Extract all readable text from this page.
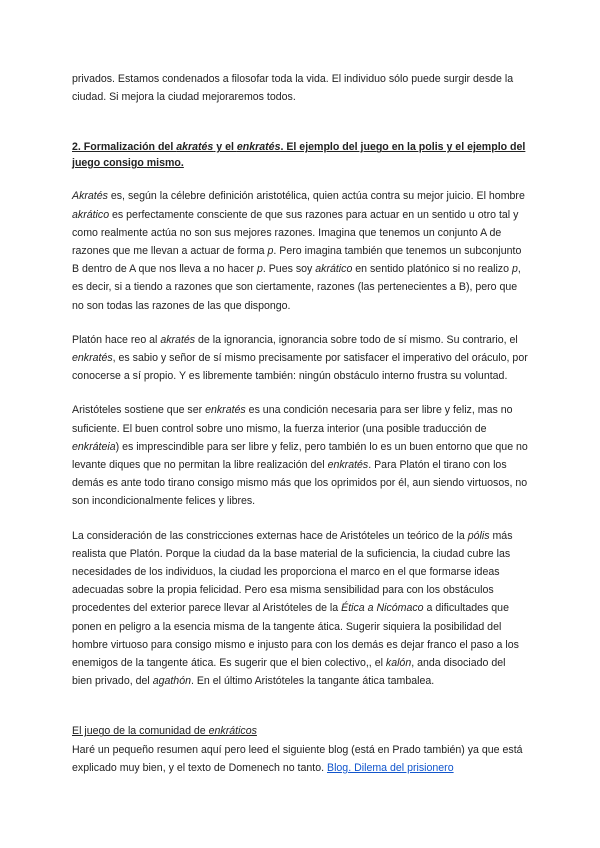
privados. Estamos condenados a filosofar toda la vida. El individuo sólo puede surgir desde la ciudad. Si mejora la ciudad mejoraremos todos.

2. Formalización del akratés y el enkratés. El ejemplo del juego en la polis y el ejemplo del juego consigo mismo.

Akratés es, según la célebre definición aristotélica, quien actúa contra su mejor juicio. El hombre akrático es perfectamente consciente de que sus razones para actuar en un sentido u otro tal y como realmente actúa no son sus mejores razones. Imagina que tenemos un conjunto A de razones que me llevan a actuar de forma p. Pero imagina también que tenemos un subconjunto B dentro de A que nos lleva a no hacer p. Pues soy akrático en sentido platónico si no realizo p, es decir, si a tiendo a razones que son ciertamente, razones (las pertenecientes a B), pero que no son todas las razones de las que dispongo.

Platón hace reo al akratés de la ignorancia, ignorancia sobre todo de sí mismo. Su contrario, el enkratés, es sabio y señor de sí mismo precisamente por satisfacer el imperativo del oráculo, por conocerse a sí propio. Y es libremente también: ningún obstáculo interno frustra su voluntad.

Aristóteles sostiene que ser enkratés es una condición necesaria para ser libre y feliz, mas no suficiente. El buen control sobre uno mismo, la fuerza interior (una posible traducción de enkráteia) es imprescindible para ser libre y feliz, pero también lo es un buen entorno que que no levante diques que no permitan la libre realización del enkratés. Para Platón el tirano con los demás es ante todo tirano consigo mismo más que los oprimidos por él, aun siendo virtuosos, no son incondicionalmente felices y libres.

La consideración de las constricciones externas hace de Aristóteles un teórico de la pólis más realista que Platón. Porque la ciudad da la base material de la suficiencia, la ciudad cubre las necesidades de los individuos, la ciudad les proporciona el marco en el que formarse ideas adecuadas sobre la propia felicidad. Pero esa misma sensibilidad para con los obstáculos procedentes del exterior parece llevar al Aristóteles de la Ética a Nicómaco a dificultades que ponen en peligro a la esencia misma de la tangente ática. Sugerir siquiera la posibilidad del hombre virtuoso para consigo mismo e injusto para con los demás es dejar franco el paso a los enemigos de la tangente ática. Es sugerir que el bien colectivo,, el kalón, anda disociado del bien privado, del agathón. En el último Aristóteles la tangante ática tambalea.

El juego de la comunidad de enkráticos

Haré un pequeño resumen aquí pero leed el siguiente blog (está en Prado también) ya que está explicado muy bien, y el texto de Domenech no tanto. Blog. Dilema del prisionero
